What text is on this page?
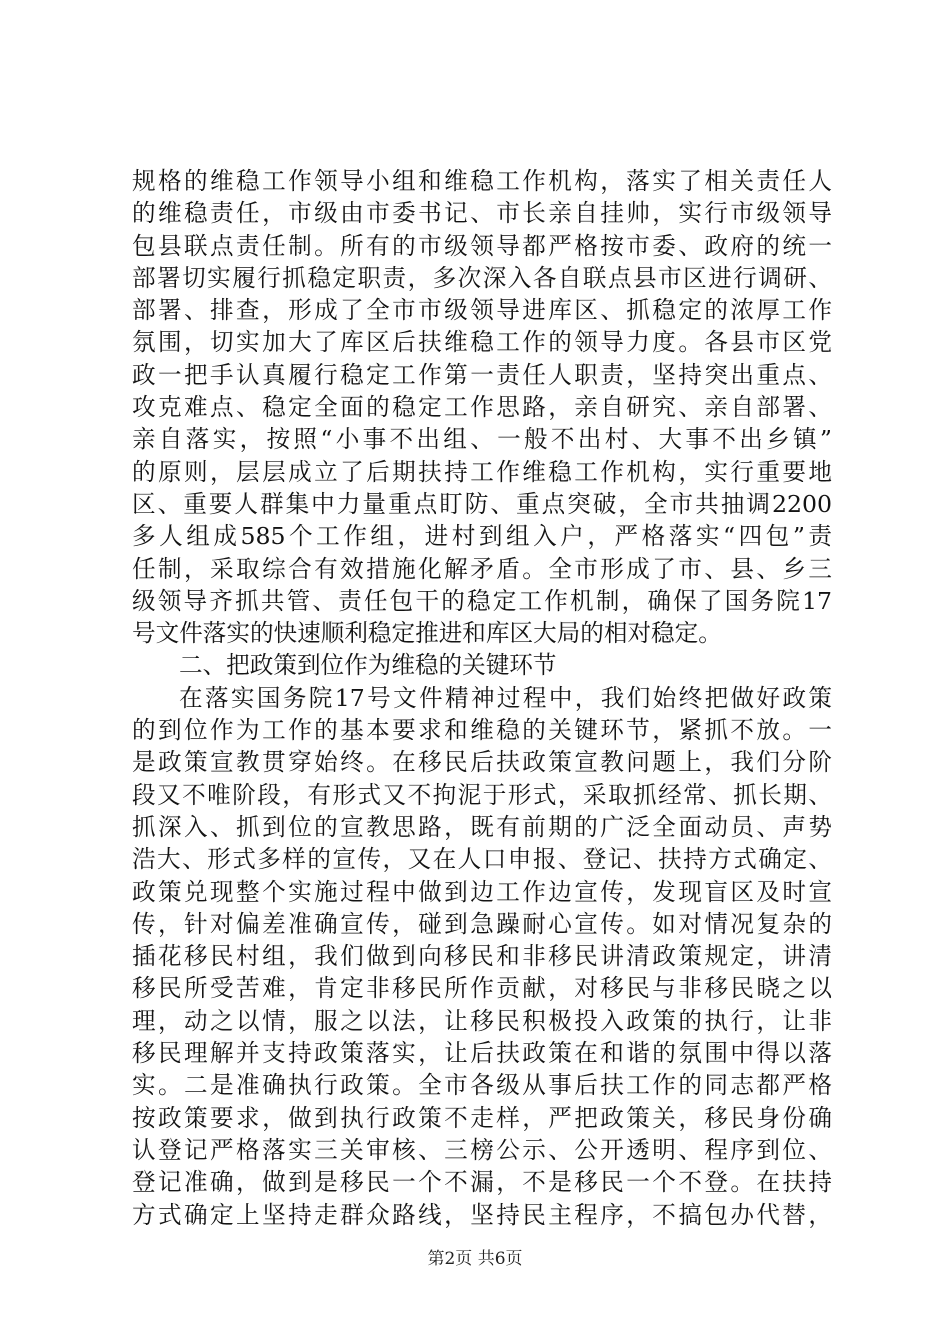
规格的维稳工作领导小组和维稳工作机构，落实了相关责任人
的维稳责任，市级由市委书记、市长亲自挂帅，实行市级领导
包县联点责任制。所有的市级领导都严格按市委、政府的统一
部署切实履行抓稳定职责，多次深入各自联点县市区进行调研、
部署、排查，形成了全市市级领导进库区、抓稳定的浓厚工作
氛围，切实加大了库区后扶维稳工作的领导力度。各县市区党
政一把手认真履行稳定工作第一责任人职责，坚持突出重点、
攻克难点、稳定全面的稳定工作思路，亲自研究、亲自部署、
亲自落实，按照“小事不出组、一般不出村、大事不出乡镇”
的原则，层层成立了后期扶持工作维稳工作机构，实行重要地
区、重要人群集中力量重点盯防、重点突破，全市共抽调2200
多人组成585个工作组，进村到组入户，严格落实“四包”责
任制，采取综合有效措施化解矛盾。全市形成了市、县、乡三
级领导齐抓共管、责任包干的稳定工作机制，确保了国务院17
号文件落实的快速顺利稳定推进和库区大局的相对稳定。
二、把政策到位作为维稳的关键环节
在落实国务院17号文件精神过程中，我们始终把做好政策
的到位作为工作的基本要求和维稳的关键环节，紧抓不放。一
是政策宣教贯穿始终。在移民后扶政策宣教问题上，我们分阶
段又不唯阶段，有形式又不拘泥于形式，采取抓经常、抓长期、
抓深入、抓到位的宣教思路，既有前期的广泛全面动员、声势
浩大、形式多样的宣传，又在人口申报、登记、扶持方式确定、
政策兑现整个实施过程中做到边工作边宣传，发现盲区及时宣
传，针对偏差准确宣传，碰到急躁耐心宣传。如对情况复杂的
插花移民村组，我们做到向移民和非移民讲清政策规定，讲清
移民所受苦难，肯定非移民所作贡献，对移民与非移民晓之以
理，动之以情，服之以法，让移民积极投入政策的执行，让非
移民理解并支持政策落实，让后扶政策在和谐的氛围中得以落
实。二是准确执行政策。全市各级从事后扶工作的同志都严格
按政策要求，做到执行政策不走样，严把政策关，移民身份确
认登记严格落实三关审核、三榜公示、公开透明、程序到位、
登记准确，做到是移民一个不漏，不是移民一个不登。在扶持
方式确定上坚持走群众路线，坚持民主程序，不搞包办代替，
第2页 共6页
